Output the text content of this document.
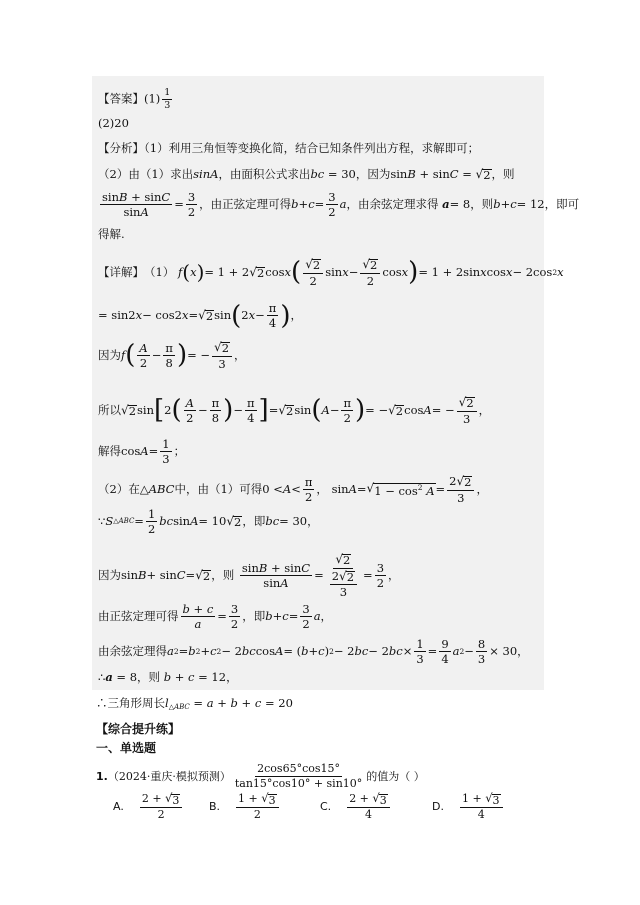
【答案】$(1) \frac{1}{3}$
(2)20
【分析】（1）利用三角恒等变换化简，结合已知条件列出方程，求解即可；
（2）由（1）求出sinA，由面积公式求出bc = 30，因为sinB + sinC = √ 2 ，则
$\frac{\sin B + \sin C}{\sin A} = \frac{3}{2}$ ，由正弦定理可得 $b + c = \frac{3}{2}$ a ，由余弦定理求得
a = 8 ，则 b + c = 12 ，即可
得解.
【详解】 （1）
f ( x ) = 1 + 2 √ 2 cos x ( $\frac{√ 2}{2}$ $\sin x - \frac{√ 2}{2}$ cos x ) = 1 + 2sin x cos x − 2cos 2 x
= sin2 x − cos2 x = √ 2 sin ( 2 $x - \frac{\pi}{4}$ ) ，
因为 f ( $\frac{A}{2} - \frac{\pi}{8}$ ) = − $\frac{√ 2}{3}$ ，
所以 √ 2 sin [ 2 ( $\frac{A}{2} - \frac{\pi}{8}$ ) − $\frac{\pi}{4}$ ] = √ 2 sin ( $A - \frac{\pi}{2}$ ) = − √ 2 cos A = − $\frac{√ 2}{3}$ ，
解得 $\cos A = \frac{1}{3}$ ；
（2）在 △ ABC 中，由（1）可得 $0 < A < \frac{\pi}{2}$ ， sin A = √ $1 - \cos^2 A = \frac{2 √ 2}{3}$ ，
∵ S △ABC = $\frac{1}{2}$ bc sin A = 10 √ 2 ，即 bc = 30，
因为 sin B + sin C = √ 2 ，则
$\frac{\sin B + \sin C}{\sin A} = \frac{√ 2}{\frac{2 √ 2}{3}} = \frac{3}{2}$ ，
由正弦定理可得 $\frac{b + c}{a} = \frac{3}{2}$ ，即 $b + c = \frac{3}{2}$ a ，
由余弦定理得 a 2 = b 2 + c 2 − 2 bc cos A = ( b + c ) 2 − 2 bc − 2 bc × $\frac{1}{3} = \frac{9}{4}$ a $2 - \frac{8}{3} \times 30$，
∴a = 8，则 b + c = 12，
∴三角形周长$l_{\triangle ABC} = a + b + c = 20$
【综合提升练】
一、单选题
1. （2024·重庆·模拟预测） $\frac{2\cos 65^\circ\cos 15^\circ}{\tan 15^\circ\cos 10^\circ + \sin 10^\circ}$ 的值为（ ）
A. $\frac{2 + √ 3}{2} B$. $\frac{1 + √ 3}{2}$	C. $\frac{2 + √ 3}{4}$	D. $\frac{1 + √ 3}{4}$
